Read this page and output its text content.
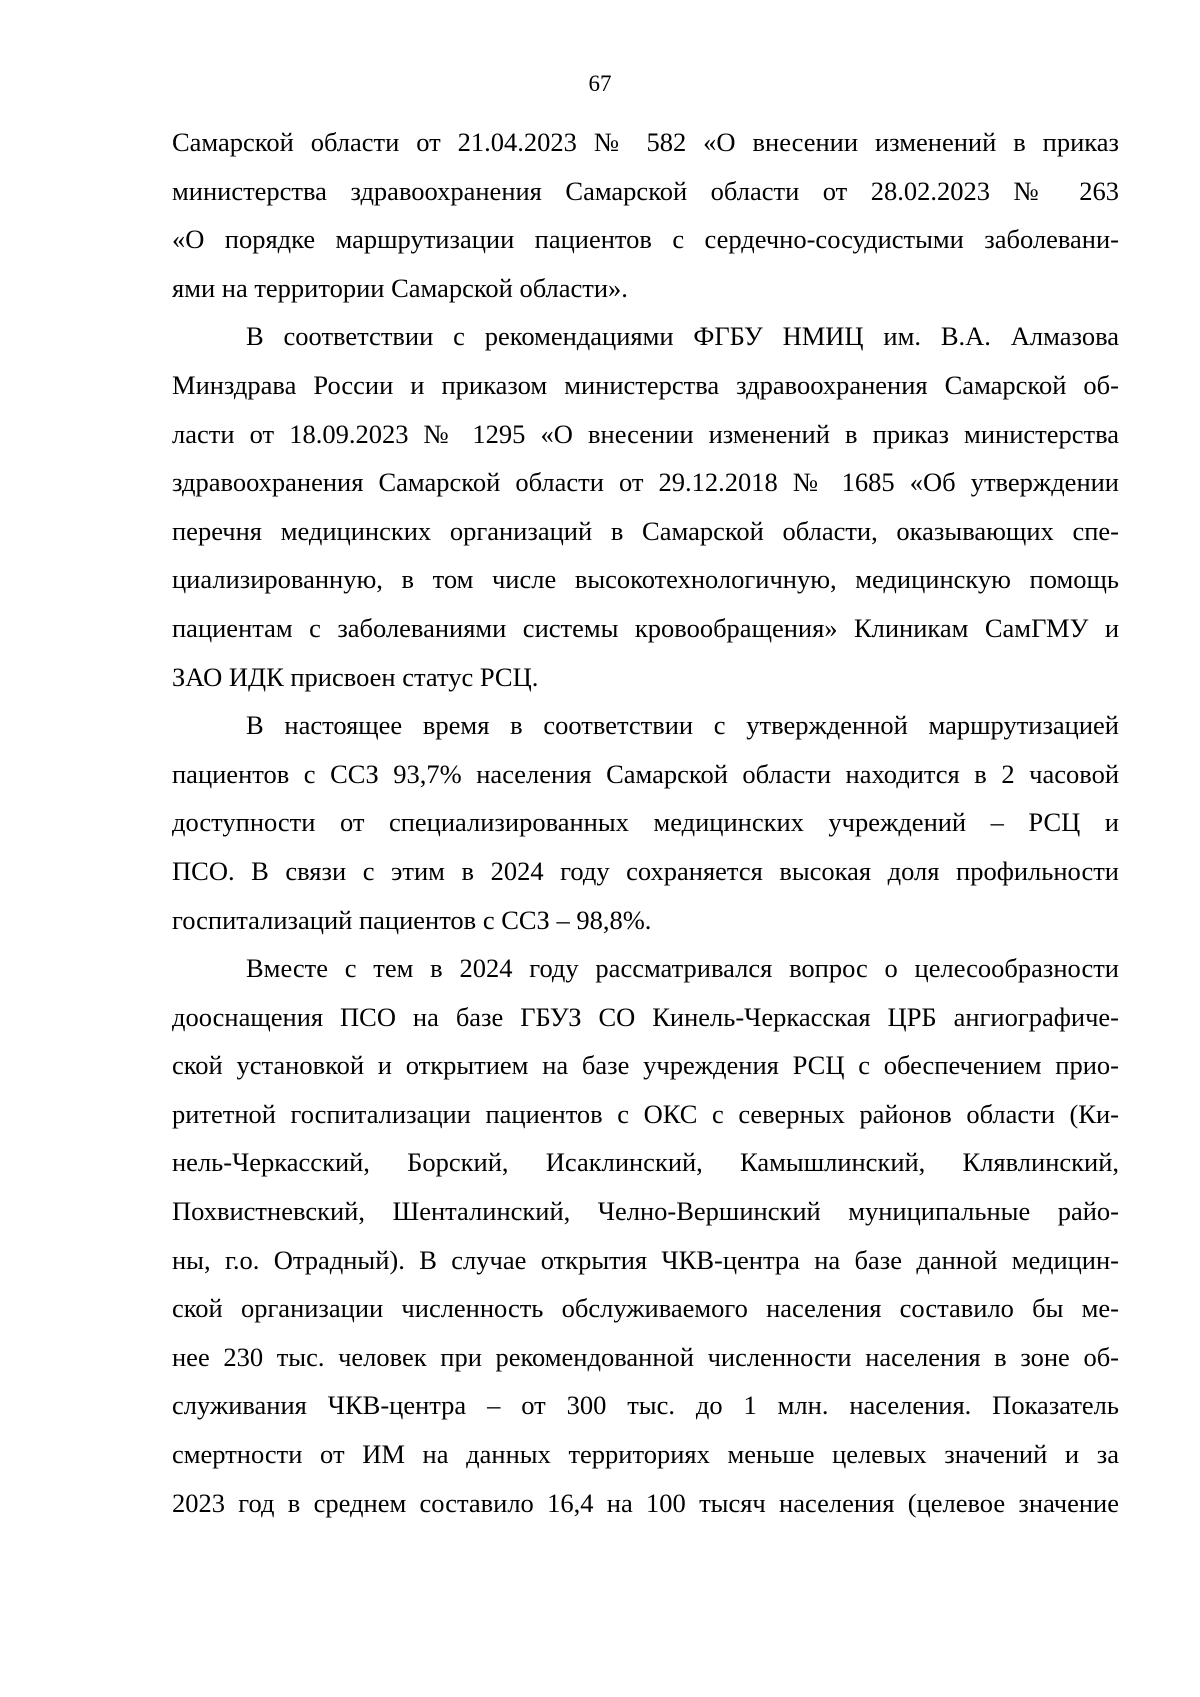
67
Самарской области от 21.04.2023 № 582 «О внесении изменений в приказ
министерства здравоохранения Самарской области от 28.02.2023 № 263
«О порядке маршрутизации пациентов с сердечно-сосудистыми заболевани-
ями на территории Самарской области».
В соответствии с рекомендациями ФГБУ НМИЦ им. В.А. Алмазова
Минздрава России и приказом министерства здравоохранения Самарской об-
ласти от 18.09.2023 № 1295 «О внесении изменений в приказ министерства
здравоохранения Самарской области от 29.12.2018 № 1685 «Об утверждении
перечня медицинских организаций в Самарской области, оказывающих спе-
циализированную, в том числе высокотехнологичную, медицинскую помощь
пациентам с заболеваниями системы кровообращения» Клиникам СамГМУ и
ЗАО ИДК присвоен статус РСЦ.
В настоящее время в соответствии с утвержденной маршрутизацией
пациентов с ССЗ 93,7% населения Самарской области находится в 2 часовой
доступности от специализированных медицинских учреждений – РСЦ и
ПСО. В связи с этим в 2024 году сохраняется высокая доля профильности
госпитализаций пациентов с ССЗ – 98,8%.
Вместе с тем в 2024 году рассматривался вопрос о целесообразности
дооснащения ПСО на базе ГБУЗ СО Кинель-Черкасская ЦРБ ангиографиче-
ской установкой и открытием на базе учреждения РСЦ с обеспечением прио-
ритетной госпитализации пациентов с ОКС с северных районов области (Ки-
нель-Черкасский, Борский, Исаклинский, Камышлинский, Клявлинский,
Похвистневский, Шенталинский, Челно-Вершинский муниципальные райо-
ны, г.о. Отрадный). В случае открытия ЧКВ-центра на базе данной медицин-
ской организации численность обслуживаемого населения составило бы ме-
нее 230 тыс. человек при рекомендованной численности населения в зоне об-
служивания ЧКВ-центра – от 300 тыс. до 1 млн. населения. Показатель
смертности от ИМ на данных территориях меньше целевых значений и за
2023 год в среднем составило 16,4 на 100 тысяч населения (целевое значение
